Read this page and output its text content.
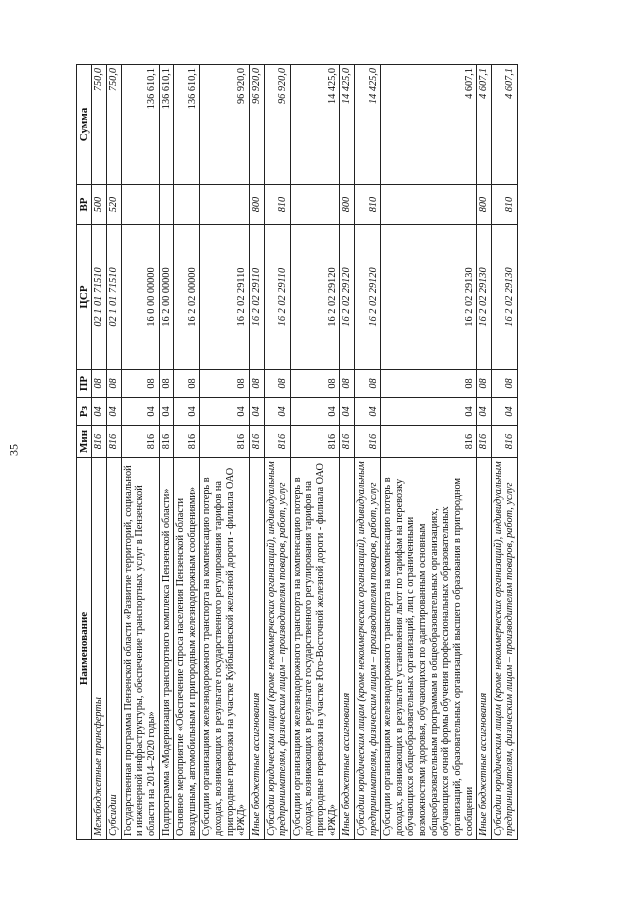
35
Наименование	Мин	Рз	ПР	ЦСР	ВР	Сумма
Межбюджетные трансферты	816	04	08	02 1 01 71510	500	750,0
Субсидии	816	04	08	02 1 01 71510	520	750,0
Государственная программа Пензенской области «Развитие территорий, социальной и инженерной инфраструктуры, обеспечение транспортных услуг в Пензенской области на 2014–2020 годы»	816	04	08	16 0 00 00000		136 610,1
Подпрограмма «Модернизация транспортного комплекса Пензенской области»	816	04	08	16 2 00 00000		136 610,1
Основное мероприятие «Обеспечение спроса населения Пензенской области воздушным, автомобильным и пригородным железнодорожным сообщениями»	816	04	08	16 2 02 00000		136 610,1
Субсидии организациям железнодорожного транспорта на компенсацию потерь в доходах, возникающих в результате государственного регулирования тарифов на пригородные перевозки на участке Куйбышевской железной дороги - филиала ОАО «РЖД»	816	04	08	16 2 02 29110		96 920,0
Иные бюджетные ассигнования	816	04	08	16 2 02 29110	800	96 920,0
Субсидии юридическим лицам (кроме некоммерческих организаций), индивидуальным предпринимателям, физическим лицам – производителям товаров, работ, услуг	816	04	08	16 2 02 29110	810	96 920,0
Субсидии организациям железнодорожного транспорта на компенсацию потерь в доходах, возникающих в результате государственного регулирования тарифов на пригородные перевозки на участке Юго-Восточной железной дороги - филиала ОАО «РЖД»	816	04	08	16 2 02 29120		14 425,0
Иные бюджетные ассигнования	816	04	08	16 2 02 29120	800	14 425,0
Субсидии юридическим лицам (кроме некоммерческих организаций), индивидуальным предпринимателям, физическим лицам – производителям товаров, работ, услуг	816	04	08	16 2 02 29120	810	14 425,0
Субсидии организациям железнодорожного транспорта на компенсацию потерь в доходах, возникающих в результате установления льгот по тарифам на перевозку обучающихся общеобразовательных организаций, лиц с ограниченными возможностями здоровья, обучающихся по адаптированным основным общеобразовательным программам в общеобразовательных организациях, обучающихся очной формы обучения профессиональных образовательных организаций, образовательных организаций высшего образования в пригородном сообщении	816	04	08	16 2 02 29130		4 607,1
Иные бюджетные ассигнования	816	04	08	16 2 02 29130	800	4 607,1
Субсидии юридическим лицам (кроме некоммерческих организаций), индивидуальным предпринимателям, физическим лицам – производителям товаров, работ, услуг	816	04	08	16 2 02 29130	810	4 607,1
